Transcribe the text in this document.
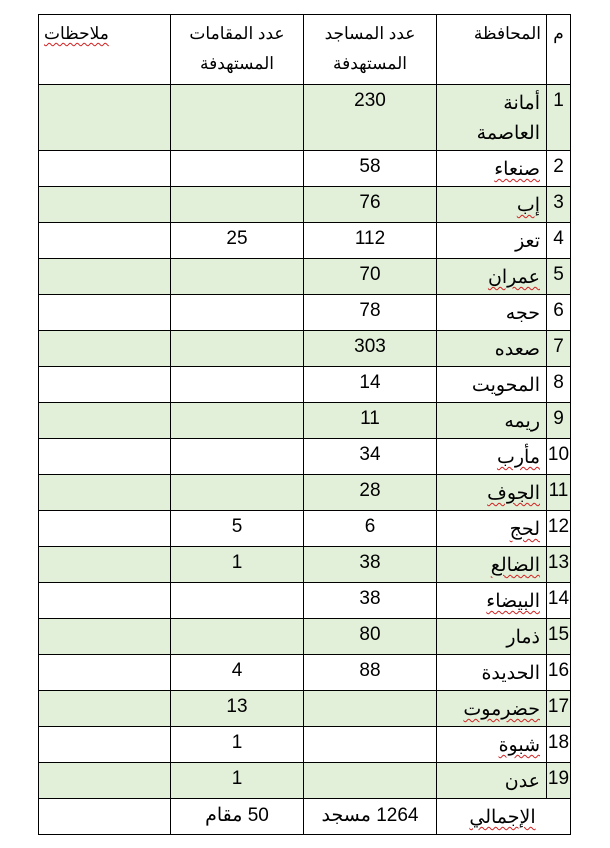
م	المحافظة	عدد المساجد المستهدفة	عدد المقامات المستهدفة	ملاحظات
1	أمانة العاصمة	230		
2	صنعاء	58		
3	إب	76		
4	تعز	112	25	
5	عمران	70		
6	حجه	78		
7	صعده	303		
8	المحويت	14		
9	ريمه	11		
10	مأرب	34		
11	الجوف	28		
12	لحج	6	5	
13	الضالع	38	1	
14	البيضاء	38		
15	ذمار	80		
16	الحديدة	88	4	
17	حضرموت		13	
18	شبوة		1	
19	عدن		1	
الإجمالي		1264 مسجد	50 مقام	
